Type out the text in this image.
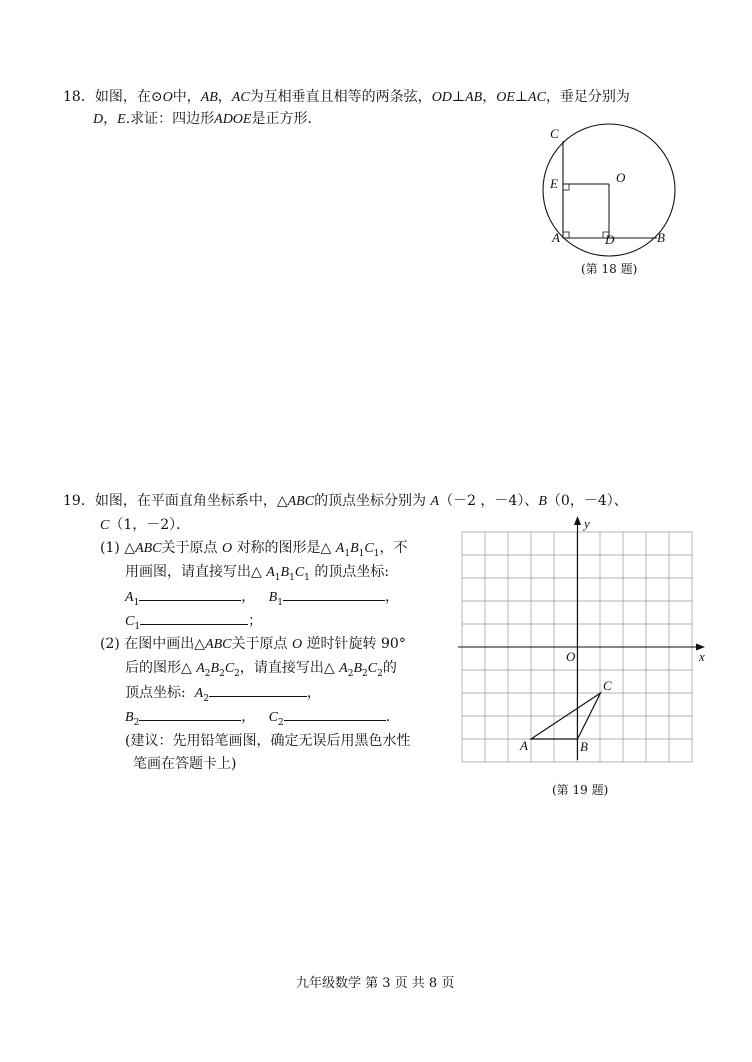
18．如图，在⊙O中，AB，AC为互相垂直且相等的两条弦，OD⊥AB，OE⊥AC，垂足分别为
D，E.求证：四边形ADOE是正方形．
C
E	O
A	D	B
(第 18 题)
19．如图，在平面直角坐标系中，△ABC的顶点坐标分别为 A（－2 ，－4）、B（0，－4）、
C（1，－2）．
(1) △ABC关于原点 O 对称的图形是△ $A_1B_1C_1$，不
用画图，请直接写出△ $A_1B_1C_1$ 的顶点坐标:
$A_1$	， $B_1$	，
$C_1$	；
(2) 在图中画出△ABC关于原点 O 逆时针旋转 90°
后的图形△ $A_2B_2C_2$，请直接写出△ $A_2B_2C_2$的
顶点坐标: $A_2$	，
$B_2$	， $C_2$	.
(建议：先用铅笔画图，确定无误后用黑色水性
笔画在答题卡上)
x
y
O
A	B
C
(第 19 题)
九年级数学 第 3 页 共 8 页
